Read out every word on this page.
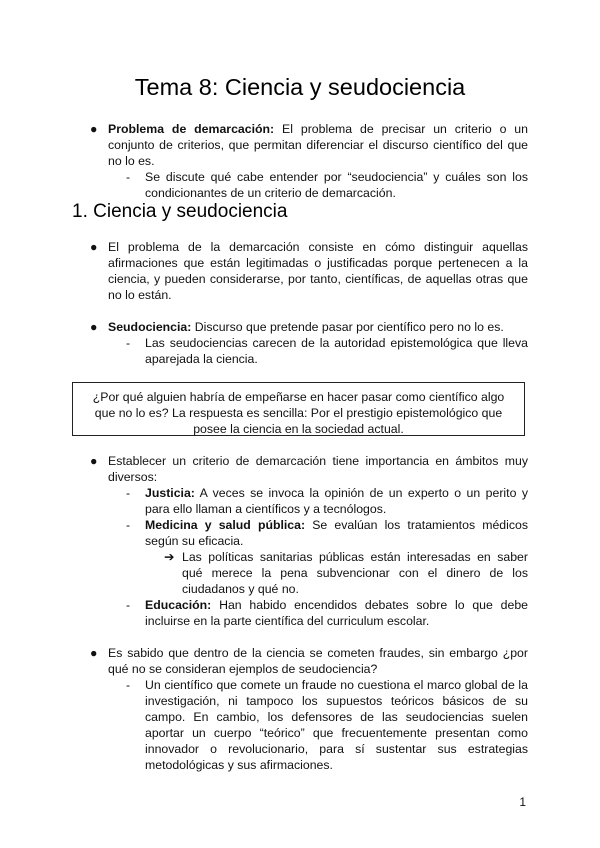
Tema 8: Ciencia y seudociencia
● Problema de demarcación: El problema de precisar un criterio o un conjunto de criterios, que permitan diferenciar el discurso científico del que no lo es.
- Se discute qué cabe entender por “seudociencia” y cuáles son los condicionantes de un criterio de demarcación.
1. Ciencia y seudociencia
● El problema de la demarcación consiste en cómo distinguir aquellas afirmaciones que están legitimadas o justificadas porque pertenecen a la ciencia, y pueden considerarse, por tanto, científicas, de aquellas otras que no lo están.
● Seudociencia: Discurso que pretende pasar por científico pero no lo es.
- Las seudociencias carecen de la autoridad epistemológica que lleva aparejada la ciencia.
¿Por qué alguien habría de empeñarse en hacer pasar como científico algo que no lo es? La respuesta es sencilla: Por el prestigio epistemológico que posee la ciencia en la sociedad actual.
● Establecer un criterio de demarcación tiene importancia en ámbitos muy diversos:
- Justicia: A veces se invoca la opinión de un experto o un perito y para ello llaman a científicos y a tecnólogos.
- Medicina y salud pública: Se evalúan los tratamientos médicos según su eficacia.
➔ Las políticas sanitarias públicas están interesadas en saber qué merece la pena subvencionar con el dinero de los ciudadanos y qué no.
- Educación: Han habido encendidos debates sobre lo que debe incluirse en la parte científica del curriculum escolar.
● Es sabido que dentro de la ciencia se cometen fraudes, sin embargo ¿por qué no se consideran ejemplos de seudociencia?
- Un científico que comete un fraude no cuestiona el marco global de la investigación, ni tampoco los supuestos teóricos básicos de su campo. En cambio, los defensores de las seudociencias suelen aportar un cuerpo “teórico” que frecuentemente presentan como innovador o revolucionario, para sí sustentar sus estrategias metodológicas y sus afirmaciones.
1
